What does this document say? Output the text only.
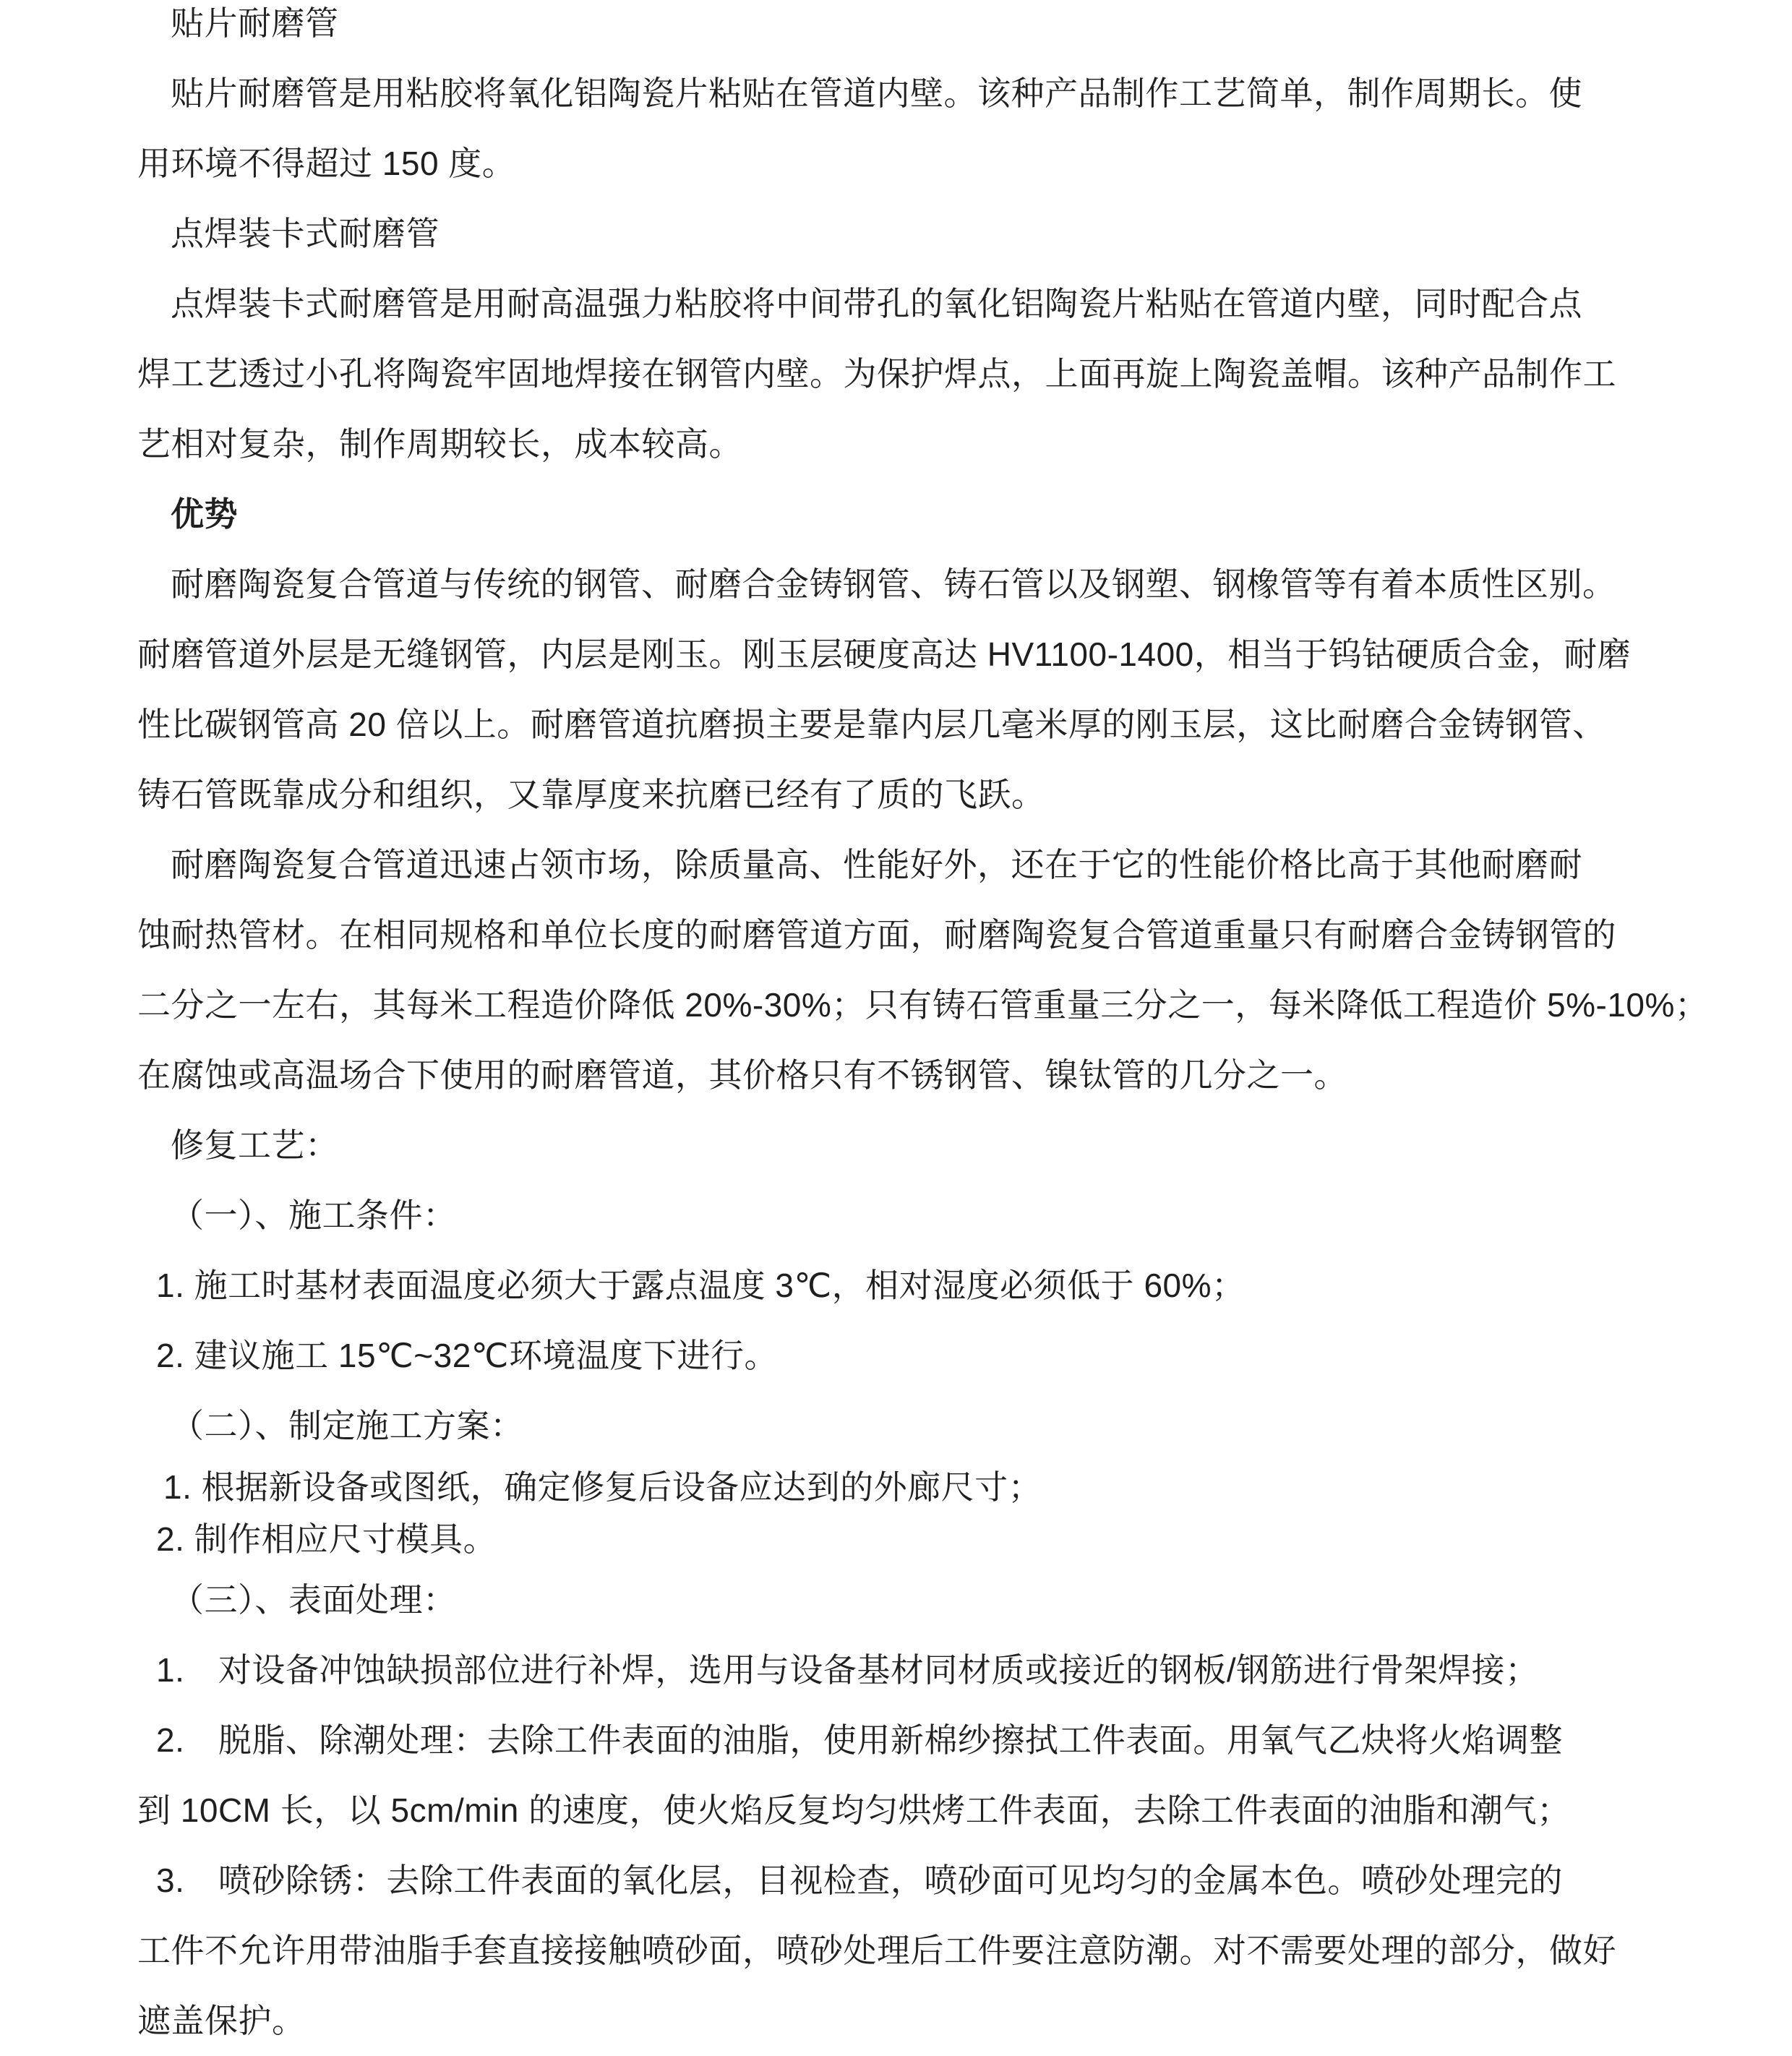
贴片耐磨管

贴片耐磨管是用粘胶将氧化铝陶瓷片粘贴在管道内壁。该种产品制作工艺简单，制作周期长。使

用环境不得超过 150 度。

点焊装卡式耐磨管

点焊装卡式耐磨管是用耐高温强力粘胶将中间带孔的氧化铝陶瓷片粘贴在管道内壁，同时配合点

焊工艺透过小孔将陶瓷牢固地焊接在钢管内壁。为保护焊点，上面再旋上陶瓷盖帽。该种产品制作工

艺相对复杂，制作周期较长，成本较高。

优势

耐磨陶瓷复合管道与传统的钢管、耐磨合金铸钢管、铸石管以及钢塑、钢橡管等有着本质性区别。

耐磨管道外层是无缝钢管，内层是刚玉。刚玉层硬度高达 HV1100-1400，相当于钨钴硬质合金，耐磨

性比碳钢管高 20 倍以上。耐磨管道抗磨损主要是靠内层几毫米厚的刚玉层，这比耐磨合金铸钢管、

铸石管既靠成分和组织，又靠厚度来抗磨已经有了质的飞跃。

耐磨陶瓷复合管道迅速占领市场，除质量高、性能好外，还在于它的性能价格比高于其他耐磨耐

蚀耐热管材。在相同规格和单位长度的耐磨管道方面，耐磨陶瓷复合管道重量只有耐磨合金铸钢管的

二分之一左右，其每米工程造价降低 20%-30%；只有铸石管重量三分之一，每米降低工程造价 5%-10%；

在腐蚀或高温场合下使用的耐磨管道，其价格只有不锈钢管、镍钛管的几分之一。

修复工艺：

（一）、施工条件：

1. 施工时基材表面温度必须大于露点温度 3℃，相对湿度必须低于 60%；

2. 建议施工 15℃~32℃环境温度下进行。

（二）、制定施工方案：

1. 根据新设备或图纸，确定修复后设备应达到的外廊尺寸；

2. 制作相应尺寸模具。

（三）、表面处理：

1.　对设备冲蚀缺损部位进行补焊，选用与设备基材同材质或接近的钢板/钢筋进行骨架焊接；

2.　脱脂、除潮处理：去除工件表面的油脂，使用新棉纱擦拭工件表面。用氧气乙炔将火焰调整

到 10CM 长，以 5cm/min 的速度，使火焰反复均匀烘烤工件表面，去除工件表面的油脂和潮气；

3.　喷砂除锈：去除工件表面的氧化层，目视检查，喷砂面可见均匀的金属本色。喷砂处理完的

工件不允许用带油脂手套直接接触喷砂面，喷砂处理后工件要注意防潮。对不需要处理的部分，做好

遮盖保护。
